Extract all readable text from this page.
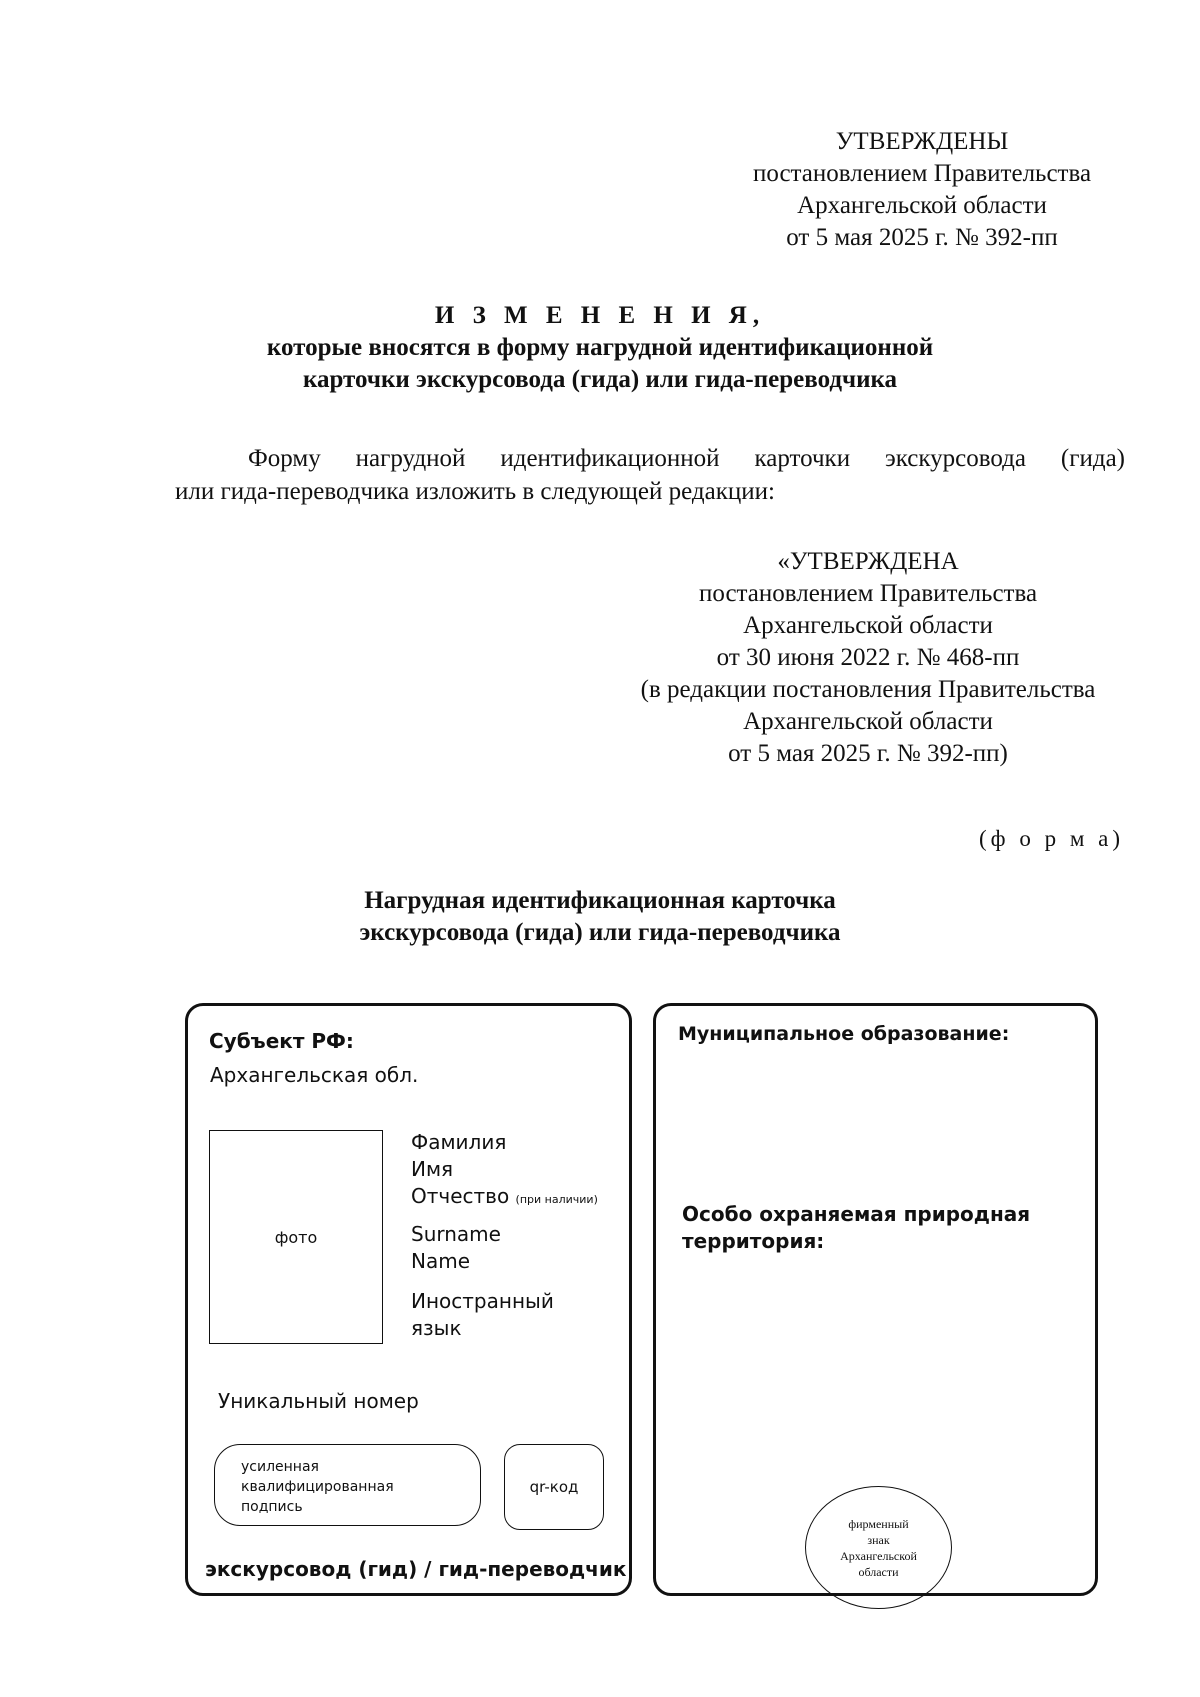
УТВЕРЖДЕНЫ
постановлением Правительства
Архангельской области
от 5 мая 2025 г. № 392-пп
И З М Е Н Е Н И Я,
которые вносятся в форму нагрудной идентификационной
карточки экскурсовода (гида) или гида-переводчика
Форму нагрудной идентификационной карточки экскурсовода (гида)
или гида-переводчика изложить в следующей редакции:
«УТВЕРЖДЕНА
постановлением Правительства
Архангельской области
от 30 июня 2022 г. № 468-пп
(в редакции постановления Правительства
Архангельской области
от 5 мая 2025 г. № 392-пп)
(ф о р м а)
Нагрудная идентификационная карточка
экскурсовода (гида) или гида-переводчика
Субъект РФ:
Архангельская обл.
фото
Фамилия
Имя
Отчество (при наличии)
Surname
Name
Иностранный
язык
Уникальный номер
усиленная
квалифицированная
подпись
qr-код
экскурсовод (гид) / гид-переводчик
Муниципальное образование:
Особо охраняемая природная
территория:
фирменный
знак
Архангельской
области
